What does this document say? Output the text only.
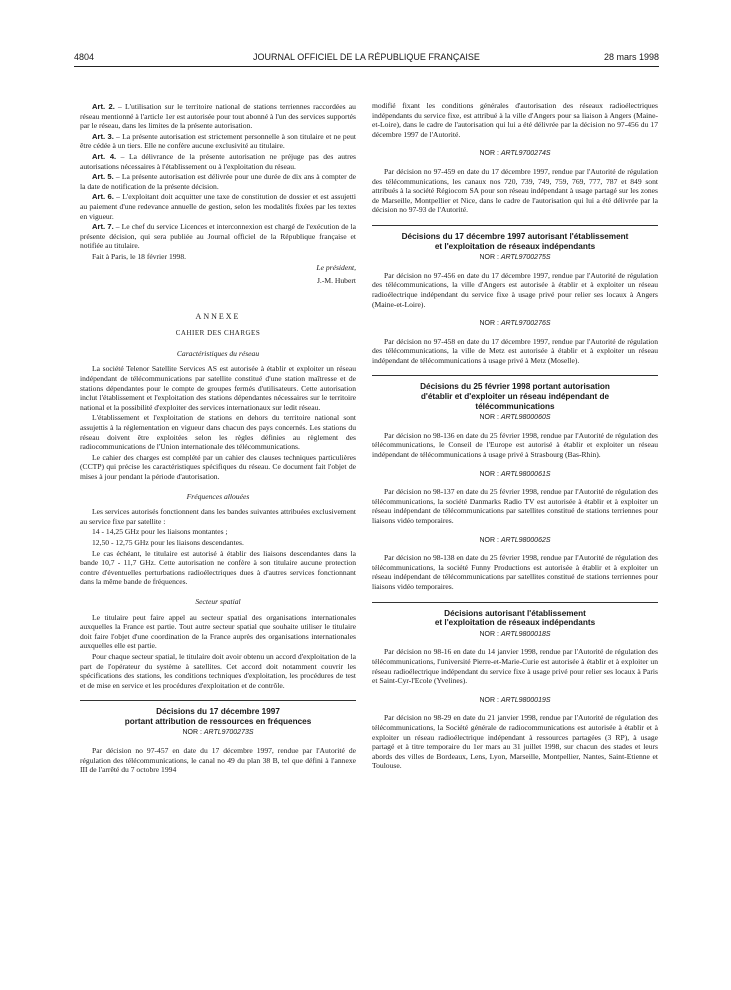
4804	JOURNAL OFFICIEL DE LA RÉPUBLIQUE FRANÇAISE	28 mars 1998

Art. 2. – L'utilisation sur le territoire national de stations terriennes raccordées au réseau mentionné à l'article 1er est autorisée pour tout abonné à l'un des services supportés par le réseau, dans les limites de la présente autorisation.

Art. 3. – La présente autorisation est strictement personnelle à son titulaire et ne peut être cédée à un tiers. Elle ne confère aucune exclusivité au titulaire.

Art. 4. – La délivrance de la présente autorisation ne préjuge pas des autres autorisations nécessaires à l'établissement ou à l'exploitation du réseau.

Art. 5. – La présente autorisation est délivrée pour une durée de dix ans à compter de la date de notification de la présente décision.

Art. 6. – L'exploitant doit acquitter une taxe de constitution de dossier et est assujetti au paiement d'une redevance annuelle de gestion, selon les modalités fixées par les textes en vigueur.

Art. 7. – Le chef du service Licences et interconnexion est chargé de l'exécution de la présente décision, qui sera publiée au Journal officiel de la République française et notifiée au titulaire.

Fait à Paris, le 18 février 1998.

Le président,

J.-M. Hubert

ANNEXE
CAHIER DES CHARGES
Caractéristiques du réseau

La société Telenor Satellite Services AS est autorisée à établir et exploiter un réseau indépendant de télécommunications par satellite constitué d'une station maîtresse et de stations dépendantes pour le compte de groupes fermés d'utilisateurs. Cette autorisation inclut l'établissement et l'exploitation des stations dépendantes nécessaires sur le territoire national et la possibilité d'exploiter des services internationaux sur ledit réseau.

L'établissement et l'exploitation de stations en dehors du territoire national sont assujettis à la réglementation en vigueur dans chacun des pays concernés. Les stations du réseau doivent être exploitées selon les règles définies au règlement des radiocommunications de l'Union internationale des télécommunications.

Le cahier des charges est complété par un cahier des clauses techniques particulières (CCTP) qui précise les caractéristiques spécifiques du réseau. Ce document fait l'objet de mises à jour pendant la période d'autorisation.

Fréquences allouées

Les services autorisés fonctionnent dans les bandes suivantes attribuées exclusivement au service fixe par satellite :

14 - 14,25 GHz pour les liaisons montantes ;

12,50 - 12,75 GHz pour les liaisons descendantes.

Le cas échéant, le titulaire est autorisé à établir des liaisons descendantes dans la bande 10,7 - 11,7 GHz. Cette autorisation ne confère à son titulaire aucune protection contre d'éventuelles perturbations radioélectriques dues à d'autres services fonctionnant dans la même bande de fréquences.

Secteur spatial

Le titulaire peut faire appel au secteur spatial des organisations internationales auxquelles la France est partie. Tout autre secteur spatial que souhaite utiliser le titulaire doit faire l'objet d'une coordination de la France auprès des organisations internationales auxquelles elle est partie.

Pour chaque secteur spatial, le titulaire doit avoir obtenu un accord d'exploitation de la part de l'opérateur du système à satellites. Cet accord doit notamment couvrir les spécifications des stations, les conditions techniques d'exploitation, les procédures de test et de mise en service et les procédures d'exploitation et de contrôle.

Décisions du 17 décembre 1997
portant attribution de ressources en fréquences
NOR : ARTL9700273S

Par décision no 97-457 en date du 17 décembre 1997, rendue par l'Autorité de régulation des télécommunications, le canal no 49 du plan 38 B, tel que défini à l'annexe III de l'arrêté du 7 octobre 1994

modifié fixant les conditions générales d'autorisation des réseaux radioélectriques indépendants du service fixe, est attribué à la ville d'Angers pour sa liaison à Angers (Maine-et-Loire), dans le cadre de l'autorisation qui lui a été délivrée par la décision no 97-456 du 17 décembre 1997 de l'Autorité.

NOR : ARTL9700274S

Par décision no 97-459 en date du 17 décembre 1997, rendue par l'Autorité de régulation des télécommunications, les canaux nos 720, 739, 749, 759, 769, 777, 787 et 849 sont attribués à la société Régiocom SA pour son réseau indépendant à usage partagé sur les zones de Marseille, Montpellier et Nice, dans le cadre de l'autorisation qui lui a été délivrée par la décision no 97-93 de l'Autorité.

Décisions du 17 décembre 1997 autorisant l'établissement
et l'exploitation de réseaux indépendants
NOR : ARTL9700275S

Par décision no 97-456 en date du 17 décembre 1997, rendue par l'Autorité de régulation des télécommunications, la ville d'Angers est autorisée à établir et à exploiter un réseau radioélectrique indépendant du service fixe à usage privé pour relier ses locaux à Angers (Maine-et-Loire).

NOR : ARTL9700276S

Par décision no 97-458 en date du 17 décembre 1997, rendue par l'Autorité de régulation des télécommunications, la ville de Metz est autorisée à établir et à exploiter un réseau indépendant de télécommunications à usage privé à Metz (Moselle).

Décisions du 25 février 1998 portant autorisation
d'établir et d'exploiter un réseau indépendant de
télécommunications
NOR : ARTL9800060S

Par décision no 98-136 en date du 25 février 1998, rendue par l'Autorité de régulation des télécommunications, le Conseil de l'Europe est autorisé à établir et exploiter un réseau indépendant de télécommunications à usage privé à Strasbourg (Bas-Rhin).

NOR : ARTL9800061S

Par décision no 98-137 en date du 25 février 1998, rendue par l'Autorité de régulation des télécommunications, la société Danmarks Radio TV est autorisée à établir et à exploiter un réseau indépendant de télécommunications par satellites constitué de stations terriennes pour liaisons vidéo temporaires.

NOR : ARTL9800062S

Par décision no 98-138 en date du 25 février 1998, rendue par l'Autorité de régulation des télécommunications, la société Funny Productions est autorisée à établir et à exploiter un réseau indépendant de télécommunications par satellites constitué de stations terriennes pour liaisons vidéo temporaires.

Décisions autorisant l'établissement
et l'exploitation de réseaux indépendants
NOR : ARTL9800018S

Par décision no 98-16 en date du 14 janvier 1998, rendue par l'Autorité de régulation des télécommunications, l'université Pierre-et-Marie-Curie est autorisée à établir et à exploiter un réseau radioélectrique indépendant du service fixe à usage privé pour relier ses locaux à Paris et Saint-Cyr-l'Ecole (Yvelines).

NOR : ARTL9800019S

Par décision no 98-29 en date du 21 janvier 1998, rendue par l'Autorité de régulation des télécommunications, la Société générale de radiocommunications est autorisée à établir et à exploiter un réseau radioélectrique indépendant à ressources partagées (3 RP), à usage partagé et à titre temporaire du 1er mars au 31 juillet 1998, sur chacun des stades et leurs abords des villes de Bordeaux, Lens, Lyon, Marseille, Montpellier, Nantes, Saint-Etienne et Toulouse.
